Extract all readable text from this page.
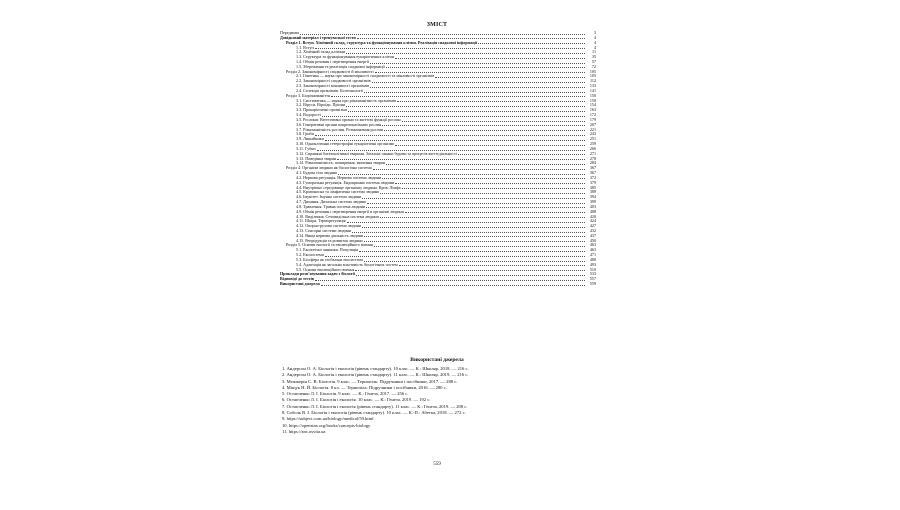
ЗМІСТ
Передмова	3
Довідковий матеріал і тренувальні тести	4
Розділ 1. Вступ. Хімічний склад, структура та функціонування клітин. Реалізація спадкової інформації	4
1.1. Вступ	4
1.2. Хімічний склад клітини	11
1.3. Структура та функціонування еукаріотичних клітин	35
1.4. Обмін речовин і перетворення енергії	57
1.5. Збереження та реалізація спадкової інформації	72
Розділ 2. Закономірності спадковості й мінливості	105
2.1. Генетика — наука про закономірності спадковості та мінливості організмів	105
2.2. Закономірності спадковості організмів	112
2.3. Закономірності мінливості організмів	133
2.4. Селекція організмів. Біотехнології	141
Розділ 3. Біорізноманіття	150
3.1. Систематика — наука про різноманітність організмів	150
3.2. Віруси. Віроїди. Пріони	154
3.3. Прокаріотичні організми	163
3.4. Водорості	172
3.5. Рослини. Вегетативні органи та життєві функції рослин	179
3.6. Генеративні органи покритонасінних рослин	207
3.7. Різноманітність рослин. Розмноження рослин	221
3.8. Гриби	243
3.9. Лишайники	251
3.10. Одноклітинні гетеротрофні еукаріотичні організми	259
3.11. Губки	266
3.12. Справжні багатоклітинні тварини. Загальні ознаки будови та процесів життєдіяльності	271
3.13. Поведінка тварин	278
3.14. Різноманітність, поширення, значення тварин	284
Розділ 4. Організм людини як біологічна система	367
4.1. Будова тіла людини	367
4.2. Нервова регуляція. Нервова система людини	372
4.3. Гуморальна регуляція. Ендокринна система людини	379
4.4. Внутрішнє середовище організму людини. Кров. Лімфа	385
4.5. Кровоносна та лімфатична система людини	389
4.6. Імунітет. Імунна система людини	394
4.7. Дихання. Дихальна система людини	399
4.8. Травлення. Травна система людини	403
4.9. Обмін речовин і перетворення енергії в організмі людини	408
4.10. Виділення. Сечовидільна система людини	420
4.11. Шкіра. Терморегуляція	424
4.12. Опорно-рухова система людини	427
4.13. Сенсорні системи людини	432
4.14. Вища нервова діяльність людини	437
4.15. Репродукція та розвиток людини	450
Розділ 5. Основи екології та еволюційного вчення	463
5.1. Екологічні чинники. Популяція	463
5.2. Екосистеми	471
5.3. Біосфера як глобальна екосистема	480
5.4. Адаптація як загальна властивість біологічних систем	493
5.5. Основи еволюційного вчення	510
Приклади розв’язування задач з біології	533
Відповіді до тестів	557
Використані джерела	559
Використані джерела
1. Андерсон О. А. Біологія і екологія (рівень стандарту). 10 клас. — К.: Школяр, 2018. — 216 с.
2. Андерсон О. А. Біологія і екологія (рівень стандарту). 11 клас. — К.: Школяр, 2019. — 216 с.
3. Межжерін С. В. Біологія. 9 клас. — Тернопіль: Підручники і посібники, 2017. — 288 с.
4. Міщук Н. Й. Біологія. 8 кл. — Тернопіль: Підручники і посібники, 2016. — 280 с.
5. Остапченко Л. І. Біологія. 9 клас. — К.: Генеза, 2017. — 256 с.
6. Остапченко Л. І. Біологія і екологія. 10 клас. — К.: Генеза, 2019. — 192 с.
7. Остапченко Л. І. Біологія і екологія (рівень стандарту). 11 клас. — К.: Генеза, 2019. — 208 с.
8. Соболь В. І. Біологія і екологія (рівень стандарту). 10 клас. — К.-П.: Абетка, 2018. — 272 с.
9. https://subject.com.ua/biology/medical/59.html
10. https://openstax.org/books/concepts-biology
11. https://znc.osvita.ua
559
